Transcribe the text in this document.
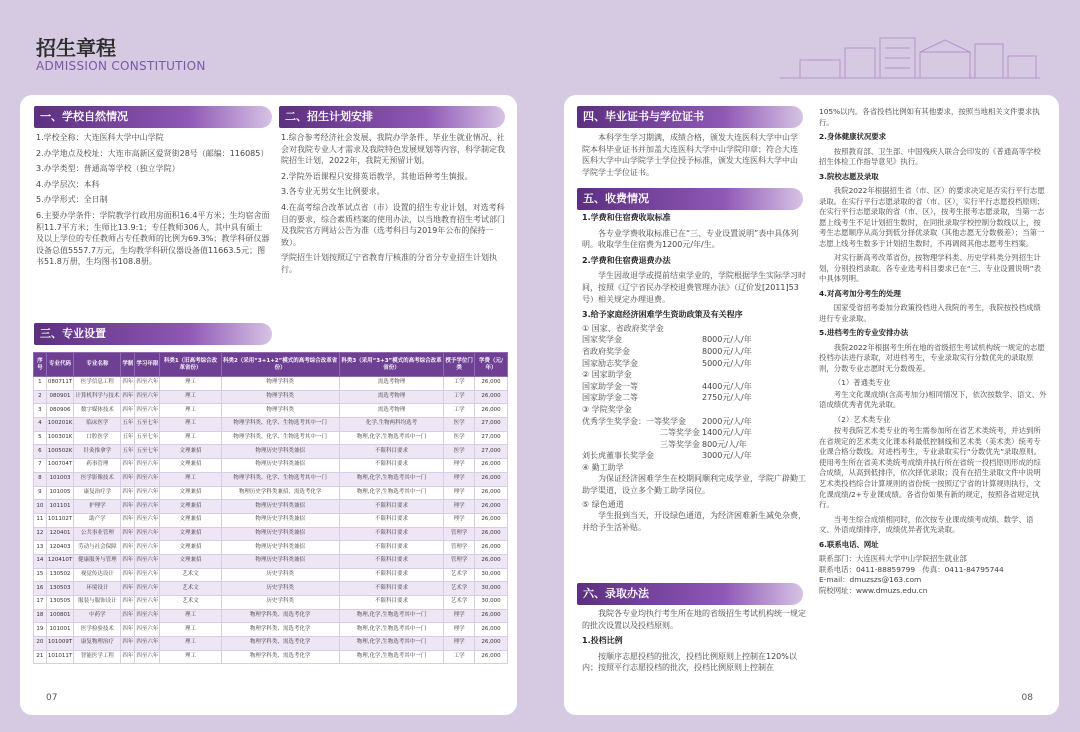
招生章程
ADMISSION CONSTITUTION
一、学校自然情况

1.学校全称：大连医科大学中山学院

2.办学地点及校址：大连市高新区爱贤街28号（邮编：116085）

3.办学类型：普通高等学校（独立学院）

4.办学层次：本科

5.办学形式：全日制

6.主要办学条件：学院教学行政用房面积16.4平方米；生均宿舍面积11.7平方米；生师比13.9:1；专任教师306人，其中具有硕士及以上学位的专任教师占专任教师的比例为69.3%；教学科研仪器设备总值5557.7万元，生均教学科研仪器设备值11663.5元；图书51.8万册，生均图书108.8册。

二、招生计划安排

1.综合参考经济社会发展、我院办学条件、毕业生就业情况、社会对我院专业人才需求及我院特色发展规划等内容，科学制定我院招生计划，2022年，我院无预留计划。

2.学院外语课程只安排英语教学，其他语种考生慎报。

3.各专业无男女生比例要求。

4.在高考综合改革试点省（市）设置的招生专业计划，对选考科目的要求，综合素质档案的使用办法，以当地教育招生考试部门及我院官方网站公告为准（选考科目与2019年公布的保持一致）。

学院招生计划按照辽宁省教育厅核准的分省分专业招生计划执行。

三、专业设置
序号	专业代码	专业名称	学制	学习年限	科类1（旧高考综合改革省份）	科类2（采用“3+1+2”模式的高考综合改革省份）	科类3（采用“3+3”模式的高考综合改革省份）	授予学位门类	学费（元/年）
1	080711T	医学信息工程	四年	四至六年	理工	物理学科类	需选考物理	工学	26,000
2	080901	计算机科学与技术	四年	四至六年	理工	物理学科类	需选考物理	工学	26,000
3	080906	数字媒体技术	四年	四至六年	理工	物理学科类	需选考物理	工学	26,000
4	100201K	临床医学	五年	五至七年	理工	物理学科类、化学、生物选考其中一门	化学,生物两科均选考	医学	27,000
5	100301K	口腔医学	五年	五至七年	理工	物理学科类、化学、生物选考其中一门	物理,化学,生物选考其中一门	医学	27,000
6	100502K	针灸推拿学	五年	五至七年	文理兼招	物理历史学科类兼招	不限科目要求	医学	27,000
7	100704T	药事管理	四年	四至六年	文理兼招	物理历史学科类兼招	不限科目要求	理学	26,000
8	101003	医学影像技术	四年	四至六年	理工	物理学科类、化学、生物选考其中一门	物理,化学,生物选考其中一门	理学	26,000
9	101005	康复治疗学	四年	四至六年	文理兼招	物理历史学科类兼招、需选考化学	物理,化学,生物选考其中一门	理学	26,000
10	101101	护理学	四年	四至六年	文理兼招	物理历史学科类兼招	不限科目要求	理学	26,000
11	101102T	助产学	四年	四至六年	文理兼招	物理历史学科类兼招	不限科目要求	理学	26,000
12	120401	公共事业管理	四年	四至六年	文理兼招	物理历史学科类兼招	不限科目要求	管理学	26,000
13	120403	劳动与社会保障	四年	四至六年	文理兼招	物理历史学科类兼招	不限科目要求	管理学	26,000
14	120410T	健康服务与管理	四年	四至六年	文理兼招	物理历史学科类兼招	不限科目要求	管理学	26,000
15	130502	视觉传达设计	四年	四至六年	艺术文	历史学科类	不限科目要求	艺术学	30,000
16	130503	环境设计	四年	四至六年	艺术文	历史学科类	不限科目要求	艺术学	30,000
17	130505	服装与服饰设计	四年	四至六年	艺术文	历史学科类	不限科目要求	艺术学	30,000
18	100801	中药学	四年	四至六年	理工	物理学科类、需选考化学	物理,化学,生物选考其中一门	理学	26,000
19	101001	医学检验技术	四年	四至六年	理工	物理学科类、需选考化学	物理,化学,生物选考其中一门	理学	26,000
20	101009T	康复物理治疗	四年	四至六年	理工	物理学科类、需选考化学	物理,化学,生物选考其中一门	理学	26,000
21	101011T	智能医学工程	四年	四至六年	理工	物理学科类、需选考化学	物理,化学,生物选考其中一门	工学	26,000
07
四、毕业证书与学位证书
本科学生学习期满，成绩合格，颁发大连医科大学中山学院本科毕业证书并加盖大连医科大学中山学院印章；符合大连医科大学中山学院学士学位授予标准，颁发大连医科大学中山学院学士学位证书。
五、收费情况

1.学费和住宿费收取标准

各专业学费收取标准已在“三、专业设置说明”表中具体列明。收取学生住宿费为1200元/年/生。

2.学费和住宿费退费办法

学生因故退学或提前结束学业的，学院根据学生实际学习时间，按照《辽宁省民办学校退费管理办法》（辽价发[2011]53号）相关规定办理退费。

3.给予家庭经济困难学生资助政策及有关程序

① 国家、省政府奖学金
国家奖学金	8000元/人/年
省政府奖学金	8000元/人/年
国家励志奖学金	5000元/人/年
② 国家助学金
国家助学金一等	4400元/人/年
国家助学金二等	2750元/人/年
③ 学院奖学金
优秀学生奖学金：一等奖学金	2000元/人/年
二等奖学金 1400元/人/年
三等奖学金 800元/人/年
刘长虎董事长奖学金	3000元/人/年
④ 勤工助学

为保证经济困难学生在校期间顺利完成学业，学院广辟勤工助学渠道，设立多个勤工助学岗位。

⑤ 绿色通道

学生报到当天，开设绿色通道，为经济困难新生减免杂费，并给予生活补贴。

六、录取办法

我院各专业均执行考生所在地的省级招生考试机构统一规定的批次设置以及投档原则。

1.投档比例

按顺序志愿投档的批次，投档比例原则上控制在120%以内；按照平行志愿投档的批次，投档比例原则上控制在

105%以内。各省投档比例如有其他要求，按照当地相关文件要求执行。

2.身体健康状况要求

按照教育部、卫生部、中国残疾人联合会印发的《普通高等学校招生体检工作指导意见》执行。

3.院校志愿及录取

我院2022年根据招生省（市、区）的要求决定是否实行平行志愿录取。在实行平行志愿录取的省（市、区），实行平行志愿投档原则；在实行平行志愿录取的省（市、区），按考生报考志愿录取，当第一志愿上线考生不足计划招生数时，在同批录取学校控制分数线以上，按考生志愿顺序从高分到低分择优录取（其他志愿无分数极差）；当第一志愿上线考生数多于计划招生数时，不再调阅其他志愿考生档案。

对实行新高考改革省份，按物理学科类、历史学科类分列招生计划，分别投档录取。各专业选考科目要求已在“三、专业设置说明”表中具体列明。

4.对高考加分考生的处理

国家受省招考委加分政策投档进入我院的考生，我院按投档成绩进行专业录取。

5.进档考生的专业安排办法

我院2022年根据考生所在地的省级招生考试机构统一规定的志愿投档办法进行录取，对进档考生，专业录取实行分数优先的录取原则，分数专业志愿时无分数级差。

（1）普通类专业

考生文化课成绩(含高考加分)相同情况下，依次按数学、语文、外语成绩优秀者优先录取。

（2）艺术类专业

按考我院艺术类专业的考生需参加所在省艺术类统考，并达到所在省规定的艺术类文化课本科最低控制线和艺术类（美术类）统考专业课合格分数线。对进档考生，专业录取实行“分数优先”录取原则。使用考生所在省美术类统考成绩并执行所在省统一投档原则形成的综合成绩，从高到低排序，依次择优录取；没有在招生录取文件中说明艺术类投档综合计算规则的省份统一按照辽宁省的计算规则执行，文化课成绩/2+专业课成绩。各省份如果有新的规定，按照各省规定执行。

当考生综合成绩相同时，依次按专业课成绩考成绩、数学、语文、外语成绩排序，成绩优异者优先录取。

6.联系电话、网址

联系部门：大连医科大学中山学院招生就业部
联系电话：0411-88859799　传真：0411-84795744
E-mail：dmuzszs@163.com
院校网址：www.dmuzs.edu.cn
08
